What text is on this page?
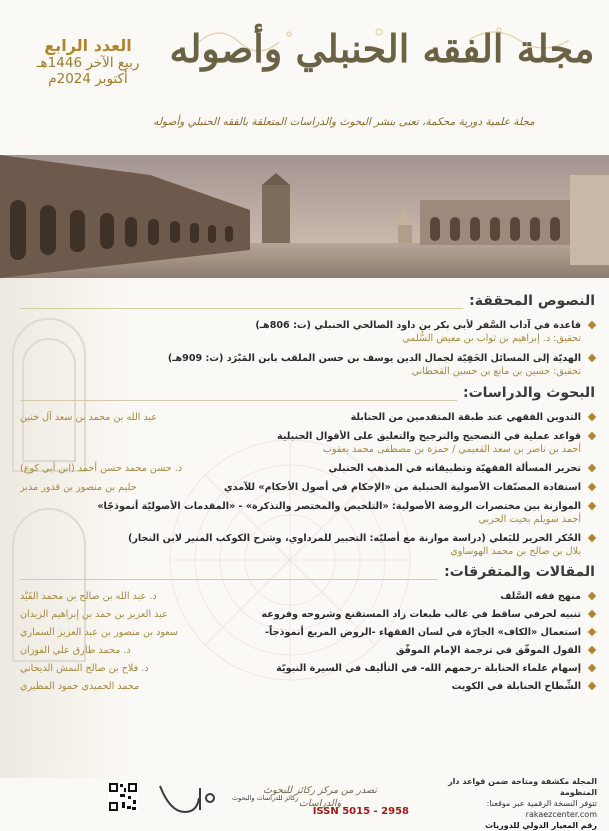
مجلة الفقه الحنبلي وأصوله
مجلة علمية دورية محكمة، تعنى بنشر البحوث والدراسات المتعلقة بالفقه الحنبلي وأصوله
العدد الرابع
ربيع الآخر 1446هـ
أكتوبر 2024م
النصوص المحققة:
قاعدة في آداب السَّفر لأبي بكر بن داود الصالحي الحنبلي (ت: 806هـ)
تحقيق: د. إبراهيم بن ثواب بن معيض السُّلمي
الهديّة إلى المسائل الخَفِيّة لجمال الدين يوسف بن حسن الملقب بابن المَبْرَد (ت: 909هـ)
تحقيق: حسين بن مانع بن حسين القحطاني
البحوث والدراسات:
التدوين الفقهي عند طبقة المتقدمين من الحنابلة
عبد الله بن محمد بن سعد آل خنين
قواعد عملية في التصحيح والترجيح والتعليق على الأقوال الحنبلية
أحمد بن ناصر بن سعد القعيمي / حمزة بن مصطفى محمد يعقوب
تحرير المسألة الفقهيّة وتطبيقاته في المذهب الحنبلي
د. حسن محمد حسن أحمد (ابن أبي كوع)
استفادة المصنّفات الأصولية الحنبلية من «الإحكام في أصول الأحكام» للآمدي
حليم بن منصور بن قدور مدبر
الموازنة بين مختصرات الروضة الأصولية: «التلخيص والمختصر والتذكرة» - «المقدمات الأصوليّة أنموذجًا»
أحمد سويلم بخيت الحربي
الحُكر الحرير للبَعلي (دراسة موازنة مع أصليّه: التحبير للمرداوي، وشرح الكوكب المنير لابن النجار)
بلال بن صالح بن محمد الهوساوي
المقالات والمتفرقات:
منهج فقه السَّلف
د. عبد الله بن صالح بن محمد القَيْد
تنبيه لحرفي ساقط في غالب طبعات زاد المستقنع وشروحه وفروعه
عبد العزيز بن حمد بن إبراهيم الزيدان
استعمال «الكاف» الجارّة في لسان الفقهاء -الروض المربع أنموذجاً-
سعود بن منصور بن عبد العزيز السماري
القول الموفّق في ترجمة الإمام الموفّق
د. محمد طارق علي الفوزان
إسهام علماء الحنابلة -رحمهم الله- في التأليف في السيرة النبويّة
د. فلاح بن صالح النمش الديحاني
الشِّطاح الحنابلة في الكويت
محمد الحميدي حمود المطيري
المجلة مكشفة ومتاحة ضمن قواعد دار المنظومة
تتوفر النسخة الرقمية عبر موقعنا: rakaezcenter.com
رقم المعيار الدولي للدوريات
ISSN 5015 - 2958
تصدر من مركز ركائز للبحوث والدراسات
ركائز للدراسات والبحوث
